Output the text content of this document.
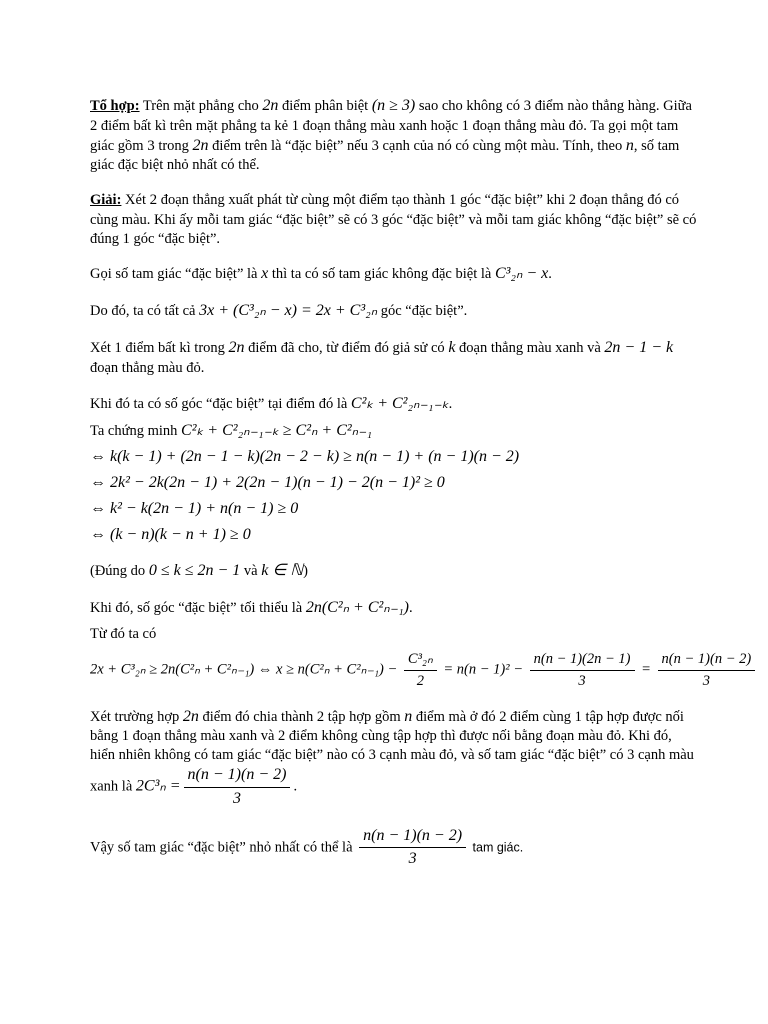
Tổ hợp: Trên mặt phẳng cho 2n điểm phân biệt (n ≥ 3) sao cho không có 3 điểm nào thẳng hàng. Giữa 2 điểm bất kì trên mặt phẳng ta kẻ 1 đoạn thẳng màu xanh hoặc 1 đoạn thẳng màu đỏ. Ta gọi một tam giác gồm 3 trong 2n điểm trên là “đặc biệt” nếu 3 cạnh của nó có cùng một màu. Tính, theo n, số tam giác đặc biệt nhỏ nhất có thể.

Giải: Xét 2 đoạn thẳng xuất phát từ cùng một điểm tạo thành 1 góc “đặc biệt” khi 2 đoạn thẳng đó có cùng màu. Khi ấy mỗi tam giác “đặc biệt” sẽ có 3 góc “đặc biệt” và mỗi tam giác không “đặc biệt” sẽ có đúng 1 góc “đặc biệt”.

Gọi số tam giác “đặc biệt” là x thì ta có số tam giác không đặc biệt là C³₂ₙ − x.

Do đó, ta có tất cả 3x + (C³₂ₙ − x) = 2x + C³₂ₙ góc “đặc biệt”.

Xét 1 điểm bất kì trong 2n điểm đã cho, từ điểm đó giả sử có k đoạn thẳng màu xanh và 2n − 1 − k đoạn thẳng màu đỏ.

Khi đó ta có số góc “đặc biệt” tại điểm đó là C²ₖ + C²₂ₙ₋₁₋ₖ.

Ta chứng minh C²ₖ + C²₂ₙ₋₁₋ₖ ≥ C²ₙ + C²ₙ₋₁

⇔ k(k − 1) + (2n − 1 − k)(2n − 2 − k) ≥ n(n − 1) + (n − 1)(n − 2)
⇔ 2k² − 2k(2n − 1) + 2(2n − 1)(n − 1) − 2(n − 1)² ≥ 0
⇔ k² − k(2n − 1) + n(n − 1) ≥ 0
⇔ (k − n)(k − n + 1) ≥ 0

(Đúng do 0 ≤ k ≤ 2n − 1 và k ∈ ℕ)

Khi đó, số góc “đặc biệt” tối thiểu là 2n(C²ₙ + C²ₙ₋₁).

Từ đó ta có

2x + C³₂ₙ ≥ 2n(C²ₙ + C²ₙ₋₁) ⇔ $x \ge n(C^2_n + C^2_{n-1}) - \frac{\text{C³₂ₙ}}{2} = n(n - 1)^2 - \frac{n(n - 1)(2n - 1)}{3} = \frac{n(n - 1)(n - 2)}{3}$

Xét trường hợp 2n điểm đó chia thành 2 tập hợp gồm n điểm mà ở đó 2 điểm cùng 1 tập hợp được nối bằng 1 đoạn thẳng màu xanh và 2 điểm không cùng tập hợp thì được nối bằng đoạn màu đỏ. Khi đó, hiển nhiên không có tam giác “đặc biệt” nào có 3 cạnh màu đỏ, và số tam giác “đặc biệt” có 3 cạnh màu xanh là $2C^3_n = \frac{n(n - 1)(n - 2)}{3}$ .

Vậy số tam giác “đặc biệt” nhỏ nhất có thể là $\frac{n(n - 1)(n - 2)}{3}$ tam giác.
